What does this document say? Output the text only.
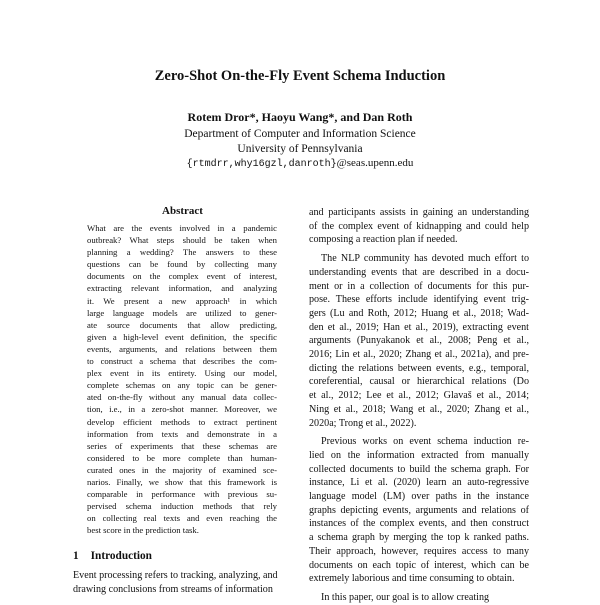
Zero-Shot On-the-Fly Event Schema Induction
Rotem Dror*, Haoyu Wang*, and Dan Roth
Department of Computer and Information Science
University of Pennsylvania
{rtmdrr,why16gzl,danroth}@seas.upenn.edu
Abstract
What are the events involved in a pandemic
outbreak? What steps should be taken when
planning a wedding? The answers to these
questions can be found by collecting many
documents on the complex event of interest,
extracting relevant information, and analyzing
it. We present a new approach¹ in which
large language models are utilized to gener-
ate source documents that allow predicting,
given a high-level event definition, the specific
events, arguments, and relations between them
to construct a schema that describes the com-
plex event in its entirety. Using our model,
complete schemas on any topic can be gener-
ated on-the-fly without any manual data collec-
tion, i.e., in a zero-shot manner. Moreover, we
develop efficient methods to extract pertinent
information from texts and demonstrate in a
series of experiments that these schemas are
considered to be more complete than human-
curated ones in the majority of examined sce-
narios. Finally, we show that this framework is
comparable in performance with previous su-
pervised schema induction methods that rely
on collecting real texts and even reaching the
best score in the prediction task.
1 Introduction
Event processing refers to tracking, analyzing, and
drawing conclusions from streams of information
and participants assists in gaining an understanding
of the complex event of kidnapping and could help
composing a reaction plan if needed.
The NLP community has devoted much effort to
understanding events that are described in a docu-
ment or in a collection of documents for this pur-
pose. These efforts include identifying event trig-
gers (Lu and Roth, 2012; Huang et al., 2018; Wad-
den et al., 2019; Han et al., 2019), extracting event
arguments (Punyakanok et al., 2008; Peng et al.,
2016; Lin et al., 2020; Zhang et al., 2021a), and pre-
dicting the relations between events, e.g., temporal,
coreferential, causal or hierarchical relations (Do
et al., 2012; Lee et al., 2012; Glavaš et al., 2014;
Ning et al., 2018; Wang et al., 2020; Zhang et al.,
2020a; Trong et al., 2022).
Previous works on event schema induction re-
lied on the information extracted from manually
collected documents to build the schema graph. For
instance, Li et al. (2020) learn an auto-regressive
language model (LM) over paths in the instance
graphs depicting events, arguments and relations of
instances of the complex events, and then construct
a schema graph by merging the top k ranked paths.
Their approach, however, requires access to many
documents on each topic of interest, which can be
extremely laborious and time consuming to obtain.
In this paper, our goal is to allow creating
